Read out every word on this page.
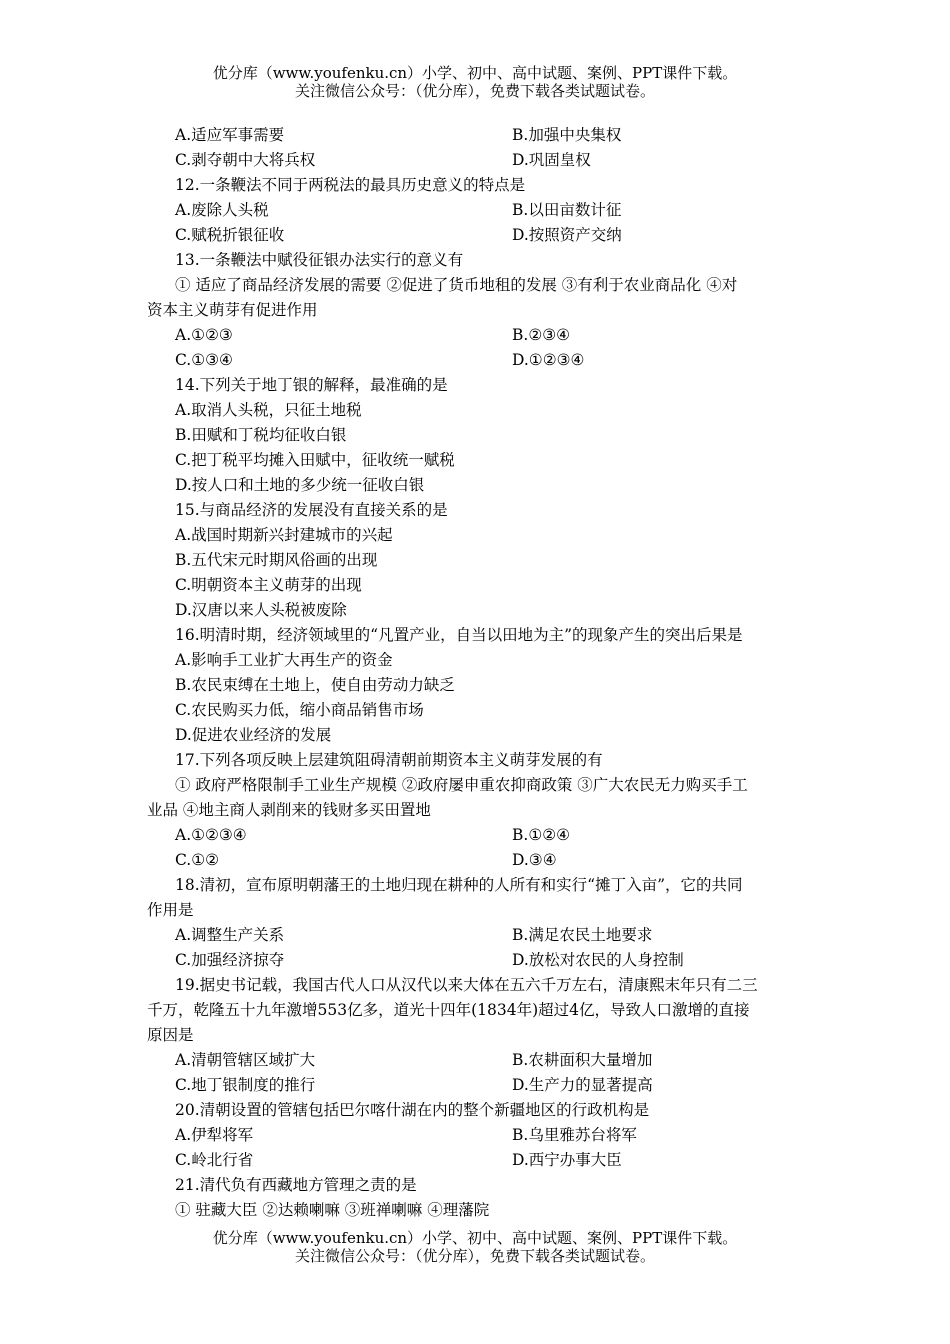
优分库（www.youfenku.cn）小学、初中、高中试题、案例、PPT课件下载。
关注微信公众号：（优分库），免费下载各类试题试卷。
A.适应军事需要	B.加强中央集权
C.剥夺朝中大将兵权	D.巩固皇权
12.一条鞭法不同于两税法的最具历史意义的特点是
A.废除人头税	B.以田亩数计征
C.赋税折银征收	D.按照资产交纳
13.一条鞭法中赋役征银办法实行的意义有
① 适应了商品经济发展的需要 ②促进了货币地租的发展 ③有利于农业商品化 ④对
资本主义萌芽有促进作用
A.①②③	B.②③④
C.①③④	D.①②③④
14.下列关于地丁银的解释，最准确的是
A.取消人头税，只征土地税
B.田赋和丁税均征收白银
C.把丁税平均摊入田赋中，征收统一赋税
D.按人口和土地的多少统一征收白银
15.与商品经济的发展没有直接关系的是
A.战国时期新兴封建城市的兴起
B.五代宋元时期风俗画的出现
C.明朝资本主义萌芽的出现
D.汉唐以来人头税被废除
16.明清时期，经济领域里的“凡置产业，自当以田地为主”的现象产生的突出后果是
A.影响手工业扩大再生产的资金
B.农民束缚在土地上，使自由劳动力缺乏
C.农民购买力低，缩小商品销售市场
D.促进农业经济的发展
17.下列各项反映上层建筑阻碍清朝前期资本主义萌芽发展的有
① 政府严格限制手工业生产规模 ②政府屡申重农抑商政策 ③广大农民无力购买手工
业品 ④地主商人剥削来的钱财多买田置地
A.①②③④	B.①②④
C.①②	D.③④
18.清初，宣布原明朝藩王的土地归现在耕种的人所有和实行“摊丁入亩”，它的共同
作用是
A.调整生产关系	B.满足农民土地要求
C.加强经济掠夺	D.放松对农民的人身控制
19.据史书记载，我国古代人口从汉代以来大体在五六千万左右，清康熙末年只有二三
千万，乾隆五十九年激增553亿多，道光十四年(1834年)超过4亿，导致人口激增的直接
原因是
A.清朝管辖区域扩大	B.农耕面积大量增加
C.地丁银制度的推行	D.生产力的显著提高
20.清朝设置的管辖包括巴尔喀什湖在内的整个新疆地区的行政机构是
A.伊犁将军	B.乌里雅苏台将军
C.岭北行省	D.西宁办事大臣
21.清代负有西藏地方管理之责的是
① 驻藏大臣 ②达赖喇嘛 ③班禅喇嘛 ④理藩院
优分库（www.youfenku.cn）小学、初中、高中试题、案例、PPT课件下载。
关注微信公众号：（优分库），免费下载各类试题试卷。
